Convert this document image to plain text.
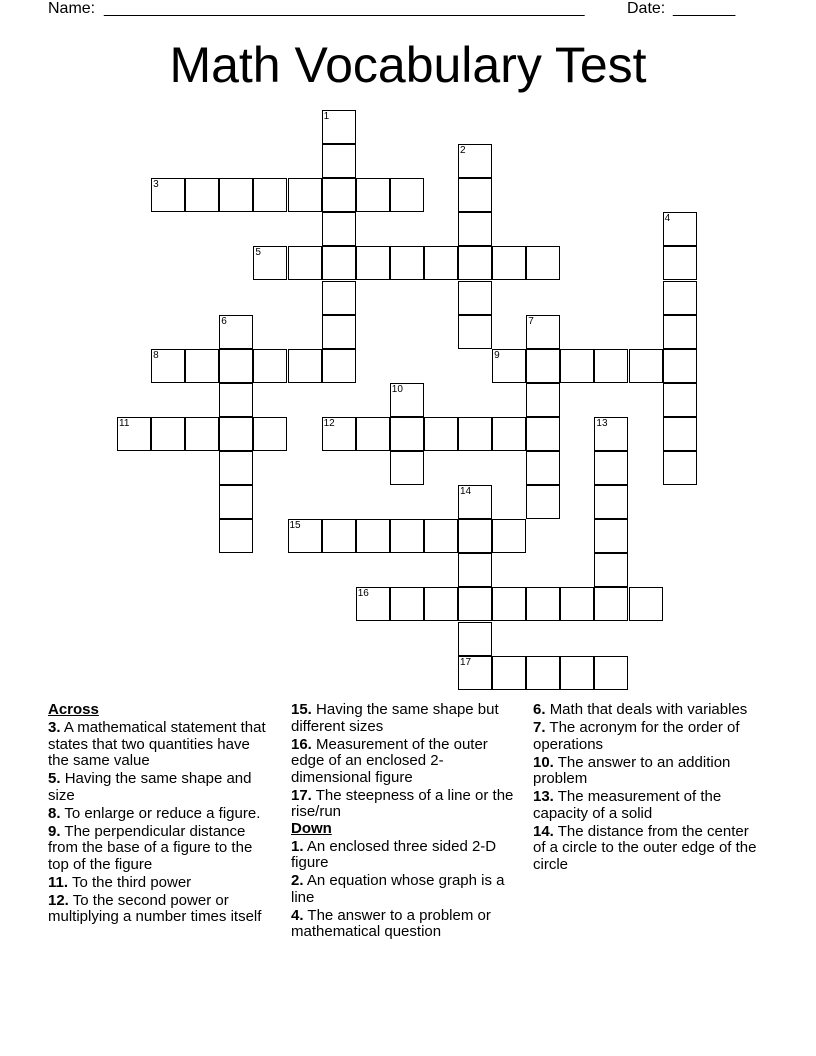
Name: ______________________________________________________	Date: _______
Math Vocabulary Test
1
2
3
4
5
6	7
8	9
10
11	12	13
14
17
15
16
Across
3. A mathematical statement that states that two quantities have the same value
5. Having the same shape and size
8. To enlarge or reduce a figure.
9. The perpendicular distance from the base of a figure to the top of the figure
11. To the third power
12. To the second power or multiplying a number times itself
15. Having the same shape but different sizes
16. Measurement of the outer edge of an enclosed 2-dimensional figure
17. The steepness of a line or the rise/run
Down
1. An enclosed three sided 2-D figure
2. An equation whose graph is a line
4. The answer to a problem or mathematical question
6. Math that deals with variables
7. The acronym for the order of operations
10. The answer to an addition problem
13. The measurement of the capacity of a solid
14. The distance from the center of a circle to the outer edge of the circle
